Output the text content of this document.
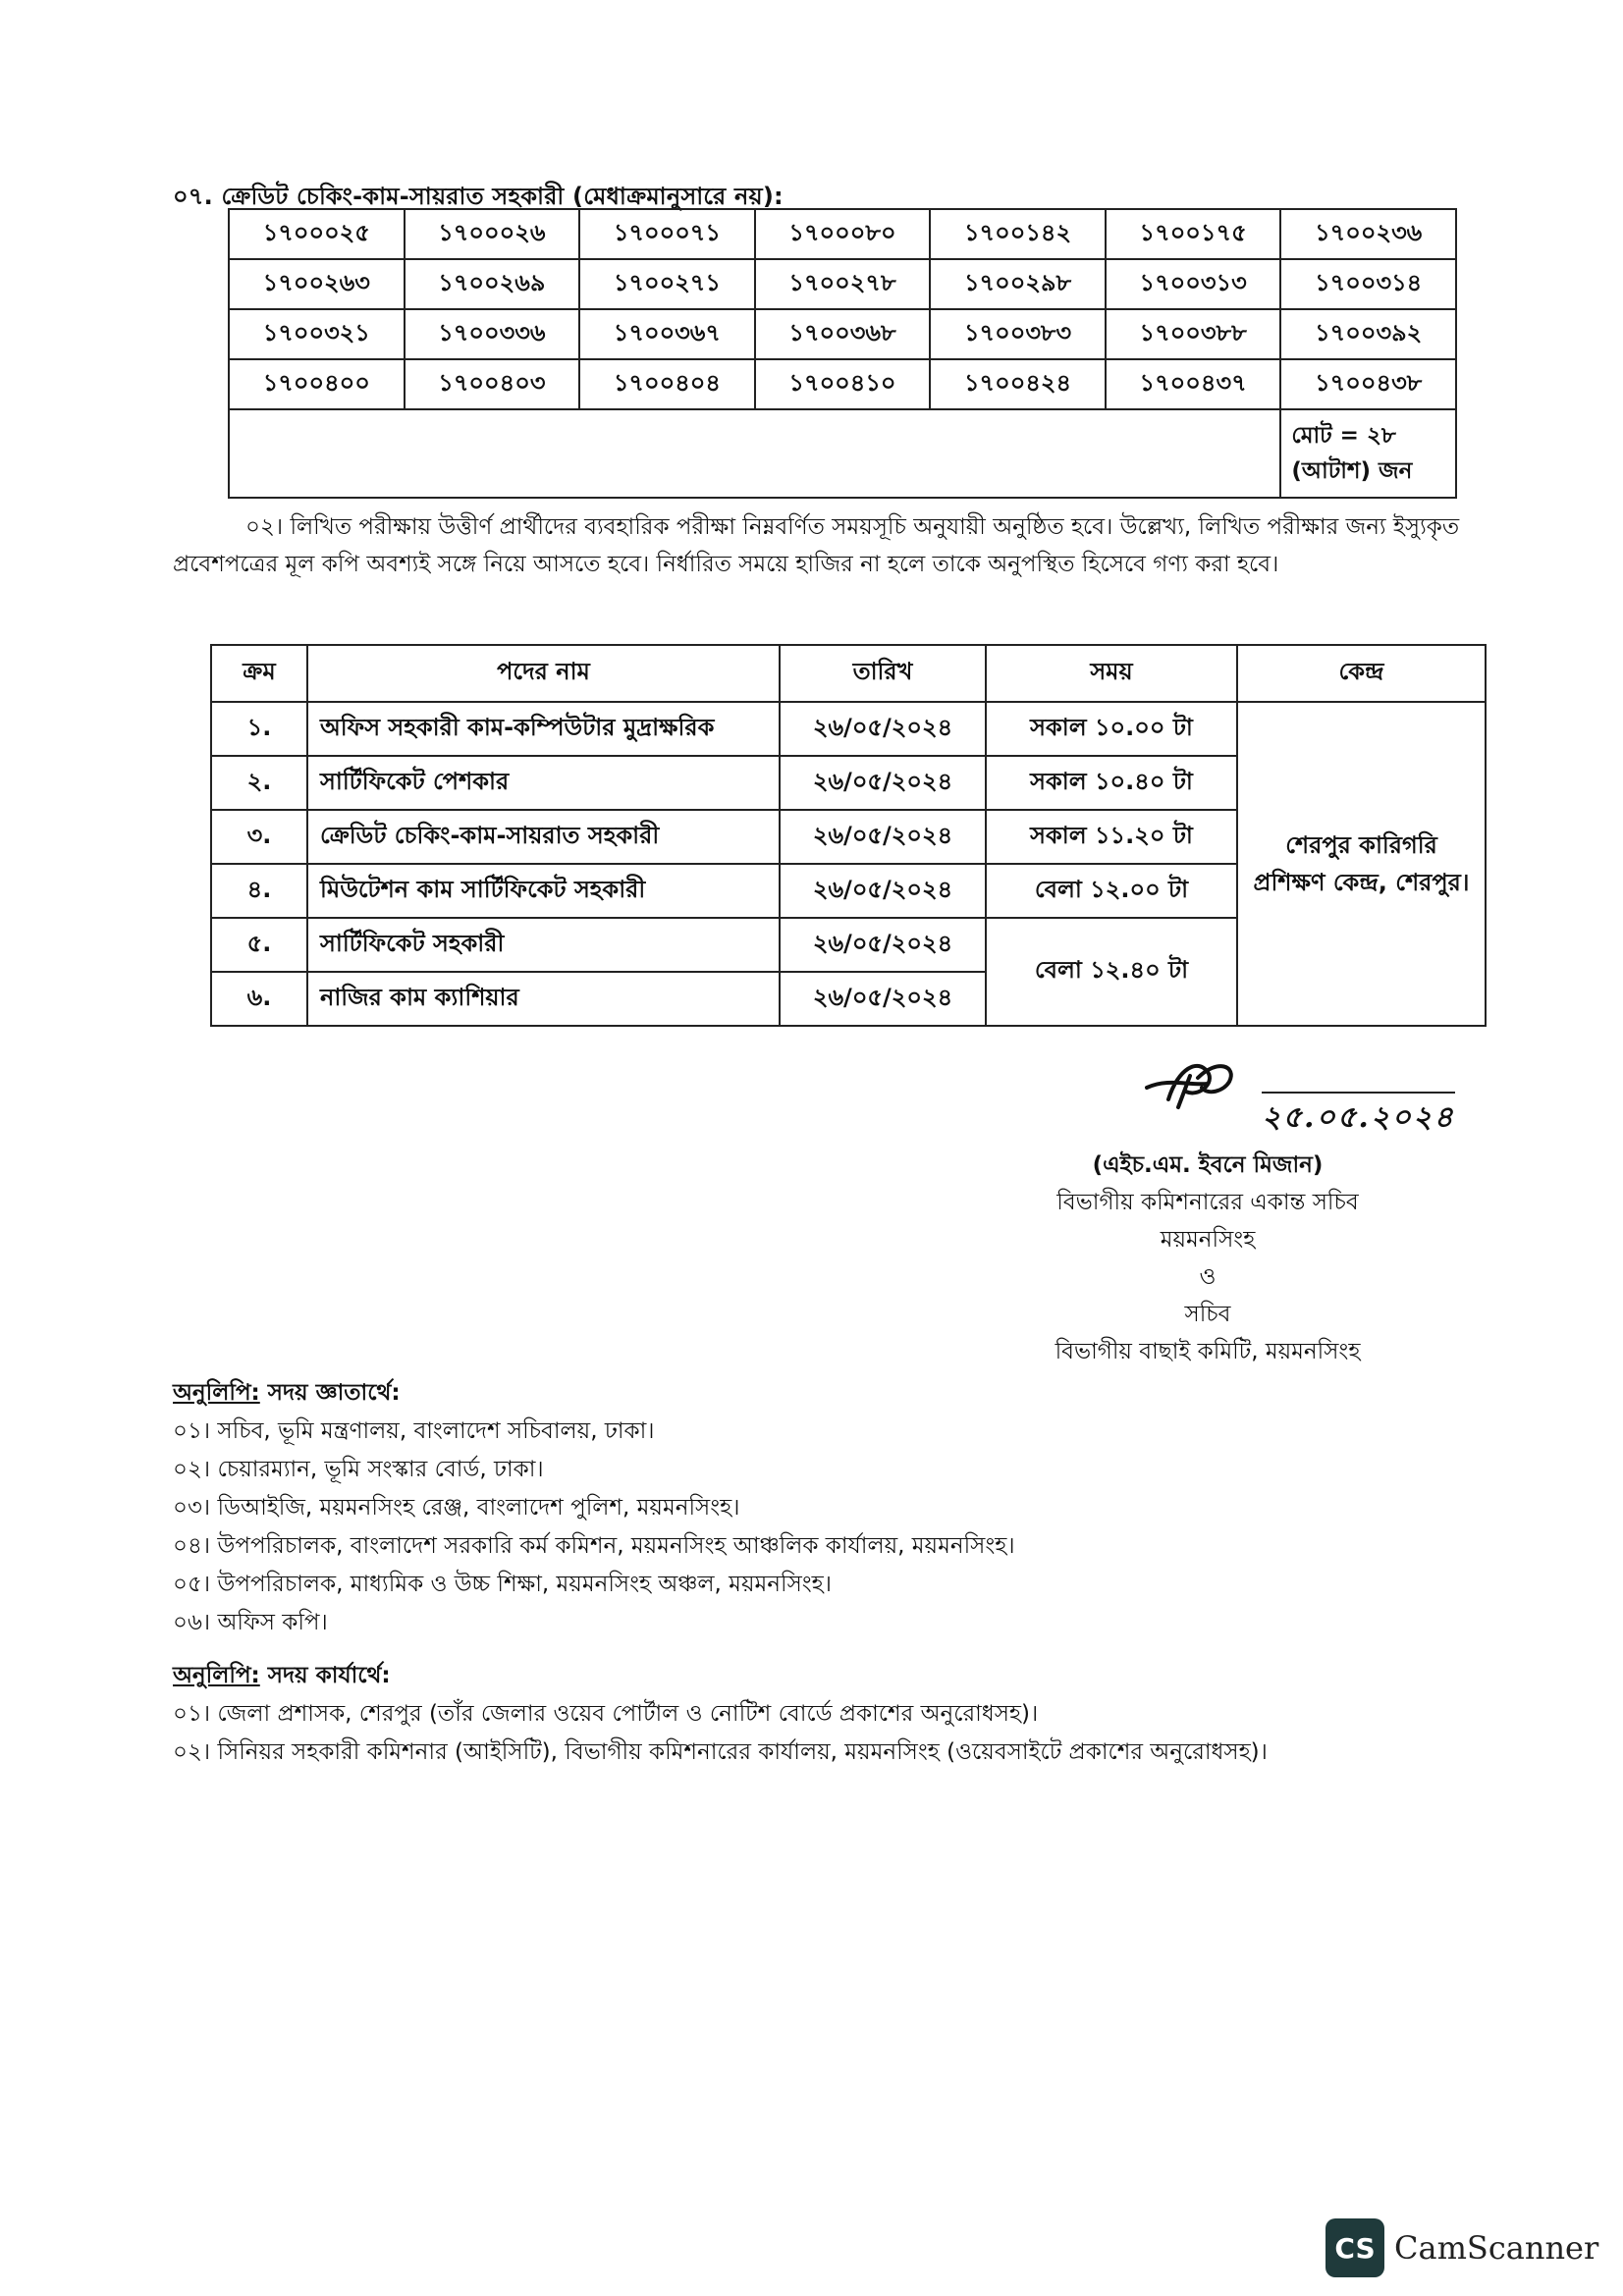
০৭. ক্রেডিট চেকিং-কাম-সায়রাত সহকারী (মেধাক্রমানুসারে নয়):
১৭০০০২৫	১৭০০০২৬	১৭০০০৭১	১৭০০০৮০	১৭০০১৪২	১৭০০১৭৫	১৭০০২৩৬
১৭০০২৬৩	১৭০০২৬৯	১৭০০২৭১	১৭০০২৭৮	১৭০০২৯৮	১৭০০৩১৩	১৭০০৩১৪
১৭০০৩২১	১৭০০৩৩৬	১৭০০৩৬৭	১৭০০৩৬৮	১৭০০৩৮৩	১৭০০৩৮৮	১৭০০৩৯২
১৭০০৪০০	১৭০০৪০৩	১৭০০৪০৪	১৭০০৪১০	১৭০০৪২৪	১৭০০৪৩৭	১৭০০৪৩৮

						মোট = ২৮
(আটাশ) জন
০২। লিখিত পরীক্ষায় উত্তীর্ণ প্রার্থীদের ব্যবহারিক পরীক্ষা নিম্নবর্ণিত সময়সূচি অনুযায়ী অনুষ্ঠিত হবে। উল্লেখ্য, লিখিত পরীক্ষার জন্য ইস্যুকৃত প্রবেশপত্রের মূল কপি অবশ্যই সঙ্গে নিয়ে আসতে হবে। নির্ধারিত সময়ে হাজির না হলে তাকে অনুপস্থিত হিসেবে গণ্য করা হবে।
ক্রম	পদের নাম	তারিখ	সময়	কেন্দ্র
১.	অফিস সহকারী কাম-কম্পিউটার মুদ্রাক্ষরিক	২৬/০৫/২০২৪	সকাল ১০.০০ টা	শেরপুর কারিগরি
প্রশিক্ষণ কেন্দ্র, শেরপুর।

২.	সার্টিফিকেট পেশকার	২৬/০৫/২০২৪	সকাল ১০.৪০ টা	
৩.	ক্রেডিট চেকিং-কাম-সায়রাত সহকারী	২৬/০৫/২০২৪	সকাল ১১.২০ টা	
৪.	মিউটেশন কাম সার্টিফিকেট সহকারী	২৬/০৫/২০২৪	বেলা ১২.০০ টা	
৫.	সার্টিফিকেট সহকারী	২৬/০৫/২০২৪	বেলা ১২.৪০ টা	
৬.	নাজির কাম ক্যাশিয়ার	২৬/০৫/২০২৪		
২৫.০৫.২০২৪
(এইচ.এম. ইবনে মিজান)
বিভাগীয় কমিশনারের একান্ত সচিব
ময়মনসিংহ
ও
সচিব
বিভাগীয় বাছাই কমিটি, ময়মনসিংহ
অনুলিপি: সদয় জ্ঞাতার্থে:
০১। সচিব, ভূমি মন্ত্রণালয়, বাংলাদেশ সচিবালয়, ঢাকা।
০২। চেয়ারম্যান, ভূমি সংস্কার বোর্ড, ঢাকা।
০৩। ডিআইজি, ময়মনসিংহ রেঞ্জ, বাংলাদেশ পুলিশ, ময়মনসিংহ।
০৪। উপপরিচালক, বাংলাদেশ সরকারি কর্ম কমিশন, ময়মনসিংহ আঞ্চলিক কার্যালয়, ময়মনসিংহ।
০৫। উপপরিচালক, মাধ্যমিক ও উচ্চ শিক্ষা, ময়মনসিংহ অঞ্চল, ময়মনসিংহ।
০৬। অফিস কপি।
অনুলিপি: সদয় কার্যার্থে:
০১। জেলা প্রশাসক, শেরপুর (তাঁর জেলার ওয়েব পোর্টাল ও নোটিশ বোর্ডে প্রকাশের অনুরোধসহ)।
০২। সিনিয়র সহকারী কমিশনার (আইসিটি), বিভাগীয় কমিশনারের কার্যালয়, ময়মনসিংহ (ওয়েবসাইটে প্রকাশের অনুরোধসহ)।
CS CamScanner
